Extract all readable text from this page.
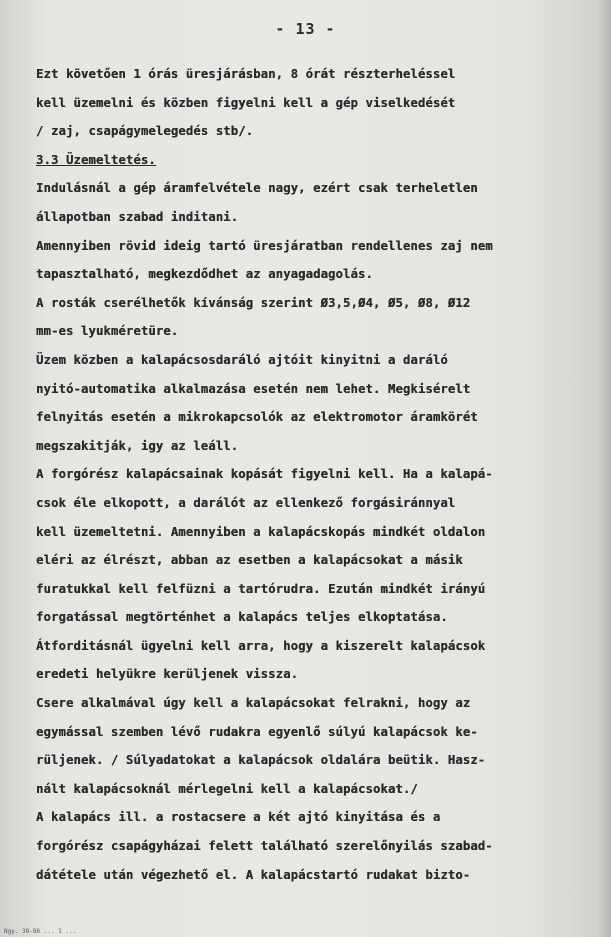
- 13 -
Ezt követően 1 órás üresjárásban, 8 órát részterheléssel
kell üzemelni és közben figyelni kell a gép viselkedését
/ zaj, csapágymelegedés stb/.
3.3 Üzemeltetés.
Indulásnál a gép áramfelvétele nagy, ezért csak terheletlen
állapotban szabad inditani.
Amennyiben rövid ideig tartó üresjáratban rendellenes zaj nem
tapasztalható, megkezdődhet az anyagadagolás.
A rosták cserélhetők kívánság szerint Ø3,5,Ø4, Ø5, Ø8, Ø12
mm-es lyukméretüre.
Üzem közben a kalapácsosdaráló ajtóit kinyitni a daráló
nyitó-automatika alkalmazása esetén nem lehet. Megkisérelt
felnyitás esetén a mikrokapcsolók az elektromotor áramkörét
megszakitják, igy az leáll.
A forgórész kalapácsainak kopását figyelni kell. Ha a kalapá-
csok éle elkopott, a darálót az ellenkező forgásiránnyal
kell üzemeltetni. Amennyiben a kalapácskopás mindkét oldalon
eléri az élrészt, abban az esetben a kalapácsokat a másik
furatukkal kell felfüzni a tartórudra. Ezután mindkét irányú
forgatással megtörténhet a kalapács teljes elkoptatása.
Átforditásnál ügyelni kell arra, hogy a kiszerelt kalapácsok
eredeti helyükre kerüljenek vissza.
Csere alkalmával úgy kell a kalapácsokat felrakni, hogy az
egymással szemben lévő rudakra egyenlő súlyú kalapácsok ke-
rüljenek. / Súlyadatokat a kalapácsok oldalára beütik. Hasz-
nált kalapácsoknál mérlegelni kell a kalapácsokat./
A kalapács ill. a rostacsere a két ajtó kinyitása és a
forgórész csapágyházai felett található szerelőnyilás szabad-
dátétele után végezhető el. A kalapácstartó rudakat bizto-
Ngy. 38-86 ... 1 ...
